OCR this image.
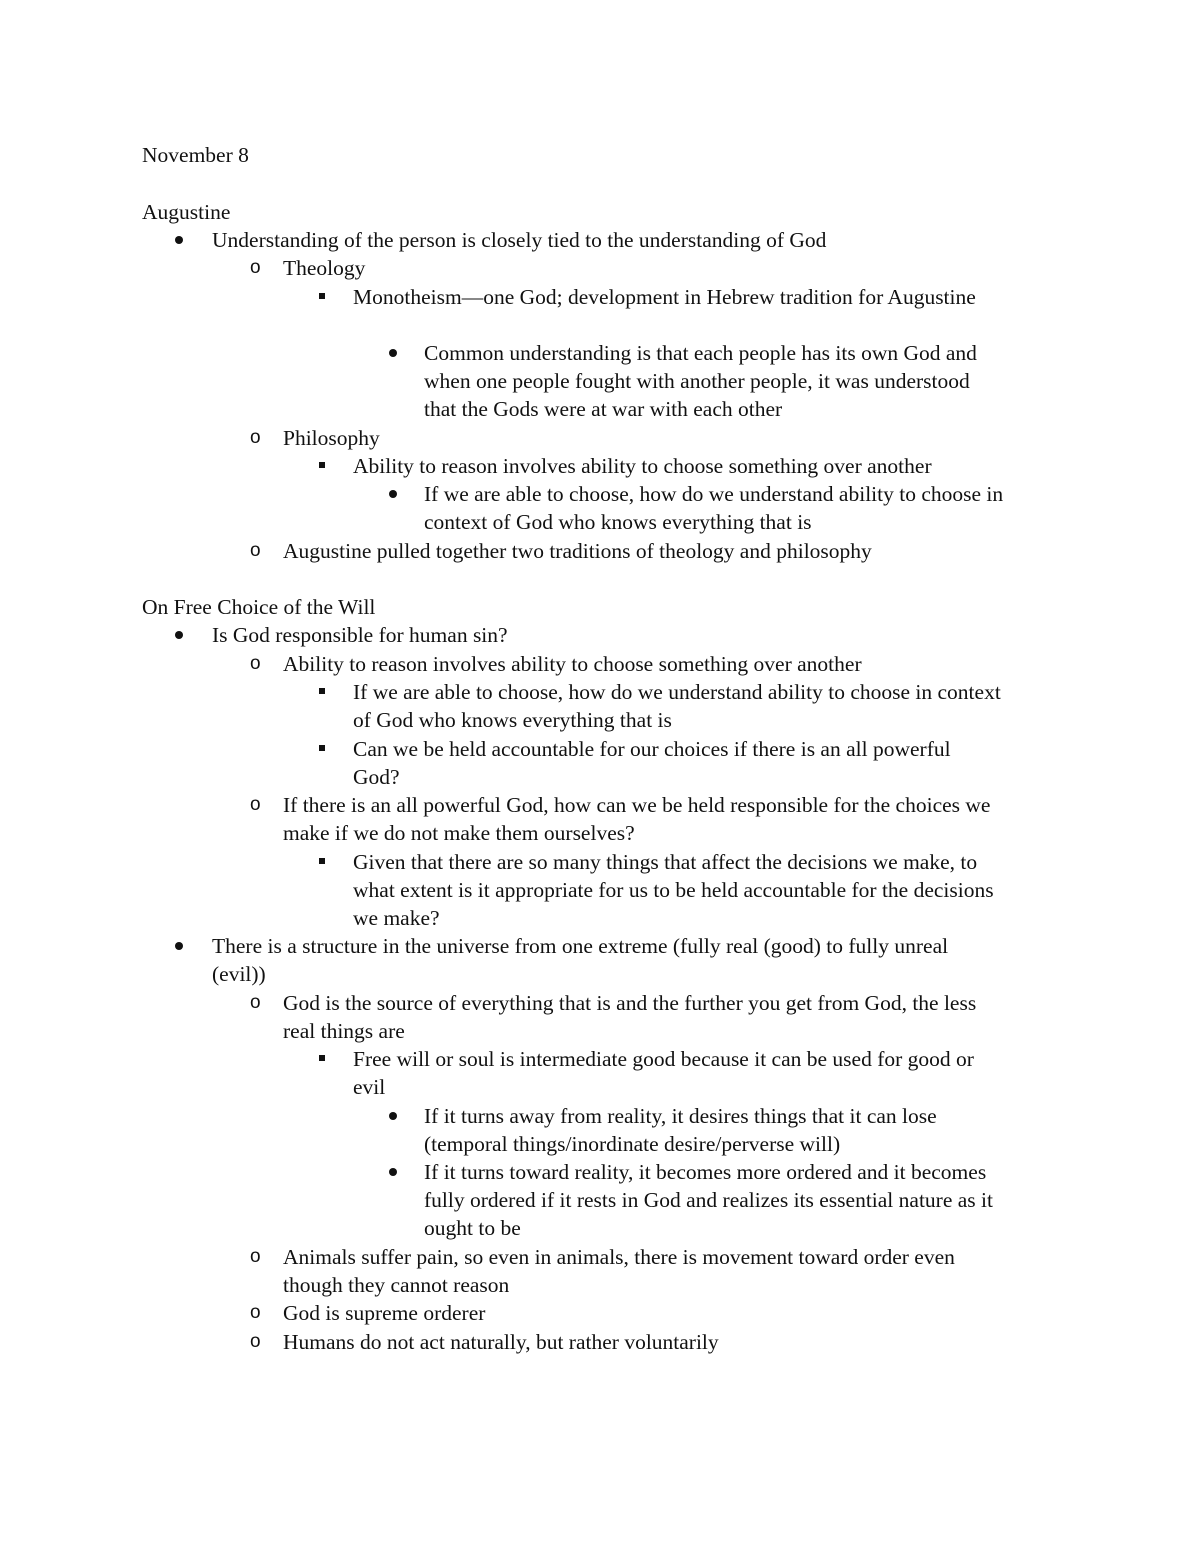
November 8
Augustine
Understanding of the person is closely tied to the understanding of God
o Theology
Monotheism—one God; development in Hebrew tradition for Augustine
Common understanding is that each people has its own God and
when one people fought with another people, it was understood
that the Gods were at war with each other
o Philosophy
Ability to reason involves ability to choose something over another
If we are able to choose, how do we understand ability to choose in
context of God who knows everything that is
o Augustine pulled together two traditions of theology and philosophy
On Free Choice of the Will
Is God responsible for human sin?
o Ability to reason involves ability to choose something over another
If we are able to choose, how do we understand ability to choose in context
of God who knows everything that is
Can we be held accountable for our choices if there is an all powerful
God?
o If there is an all powerful God, how can we be held responsible for the choices we
make if we do not make them ourselves?
Given that there are so many things that affect the decisions we make, to
what extent is it appropriate for us to be held accountable for the decisions
we make?
There is a structure in the universe from one extreme (fully real (good) to fully unreal
(evil))
o God is the source of everything that is and the further you get from God, the less
real things are
Free will or soul is intermediate good because it can be used for good or
evil
If it turns away from reality, it desires things that it can lose
(temporal things/inordinate desire/perverse will)
If it turns toward reality, it becomes more ordered and it becomes
fully ordered if it rests in God and realizes its essential nature as it
ought to be
o Animals suffer pain, so even in animals, there is movement toward order even
though they cannot reason
o God is supreme orderer
o Humans do not act naturally, but rather voluntarily
